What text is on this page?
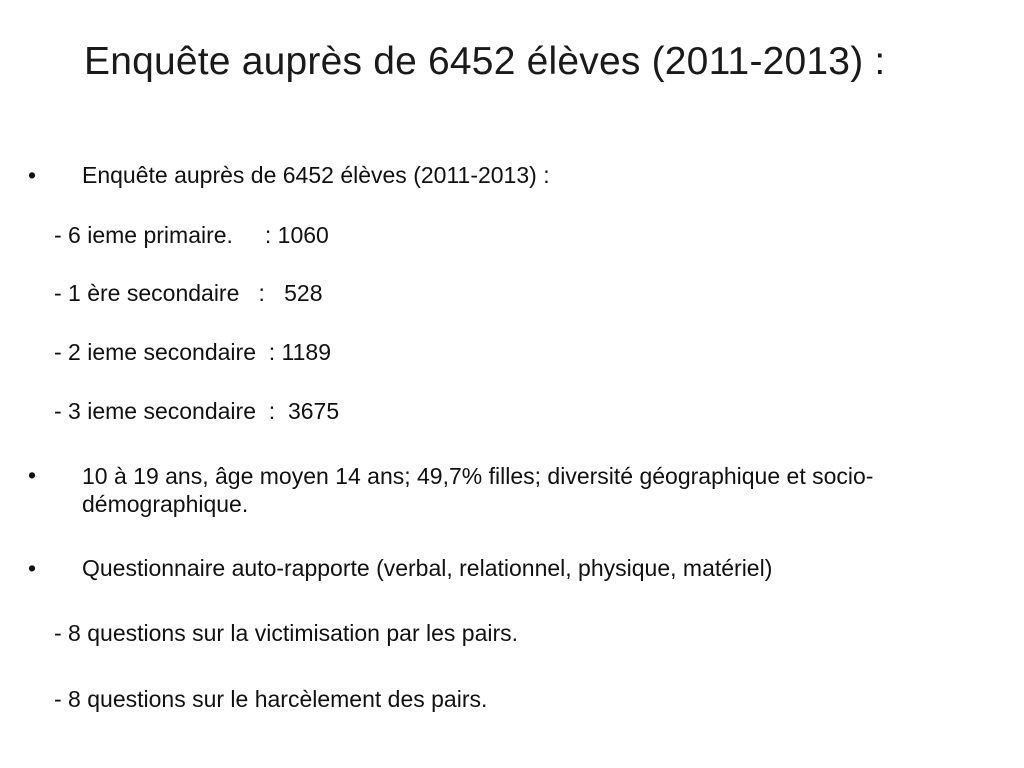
Enquête auprès de 6452 élèves (2011-2013) :
• Enquête auprès de 6452 élèves (2011-2013) :
- 6 ieme primaire.     : 1060
- 1 ère secondaire   :   528
- 2 ieme secondaire  : 1189
- 3 ieme secondaire  :  3675
• 10 à 19 ans, âge moyen 14 ans; 49,7% filles; diversité géographique et socio-démographique.
• Questionnaire auto-rapporte (verbal, relationnel, physique, matériel)
- 8 questions sur la victimisation par les pairs.
- 8 questions sur le harcèlement des pairs.
